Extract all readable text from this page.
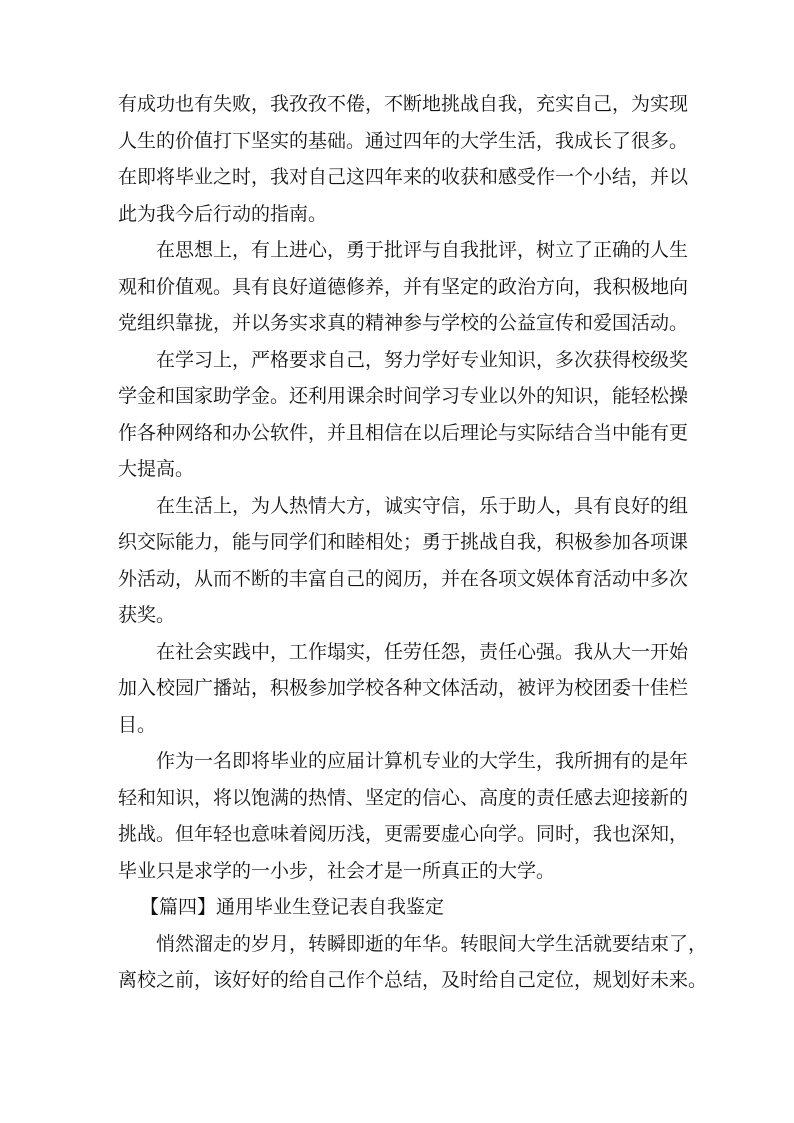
有成功也有失败，我孜孜不倦，不断地挑战自我，充实自己，为实现
人生的价值打下坚实的基础。通过四年的大学生活，我成长了很多。
在即将毕业之时，我对自己这四年来的收获和感受作一个小结，并以
此为我今后行动的指南。
在思想上，有上进心，勇于批评与自我批评，树立了正确的人生
观和价值观。具有良好道德修养，并有坚定的政治方向，我积极地向
党组织靠拢，并以务实求真的精神参与学校的公益宣传和爱国活动。
在学习上，严格要求自己，努力学好专业知识，多次获得校级奖
学金和国家助学金。还利用课余时间学习专业以外的知识，能轻松操
作各种网络和办公软件，并且相信在以后理论与实际结合当中能有更
大提高。
在生活上，为人热情大方，诚实守信，乐于助人，具有良好的组
织交际能力，能与同学们和睦相处；勇于挑战自我，积极参加各项课
外活动，从而不断的丰富自己的阅历，并在各项文娱体育活动中多次
获奖。
在社会实践中，工作塌实，任劳任怨，责任心强。我从大一开始
加入校园广播站，积极参加学校各种文体活动，被评为校团委十佳栏
目。
作为一名即将毕业的应届计算机专业的大学生，我所拥有的是年
轻和知识，将以饱满的热情、坚定的信心、高度的责任感去迎接新的
挑战。但年轻也意味着阅历浅，更需要虚心向学。同时，我也深知，
毕业只是求学的一小步，社会才是一所真正的大学。
【篇四】通用毕业生登记表自我鉴定
悄然溜走的岁月，转瞬即逝的年华。转眼间大学生活就要结束了，
离校之前，该好好的给自己作个总结，及时给自己定位，规划好未来。
